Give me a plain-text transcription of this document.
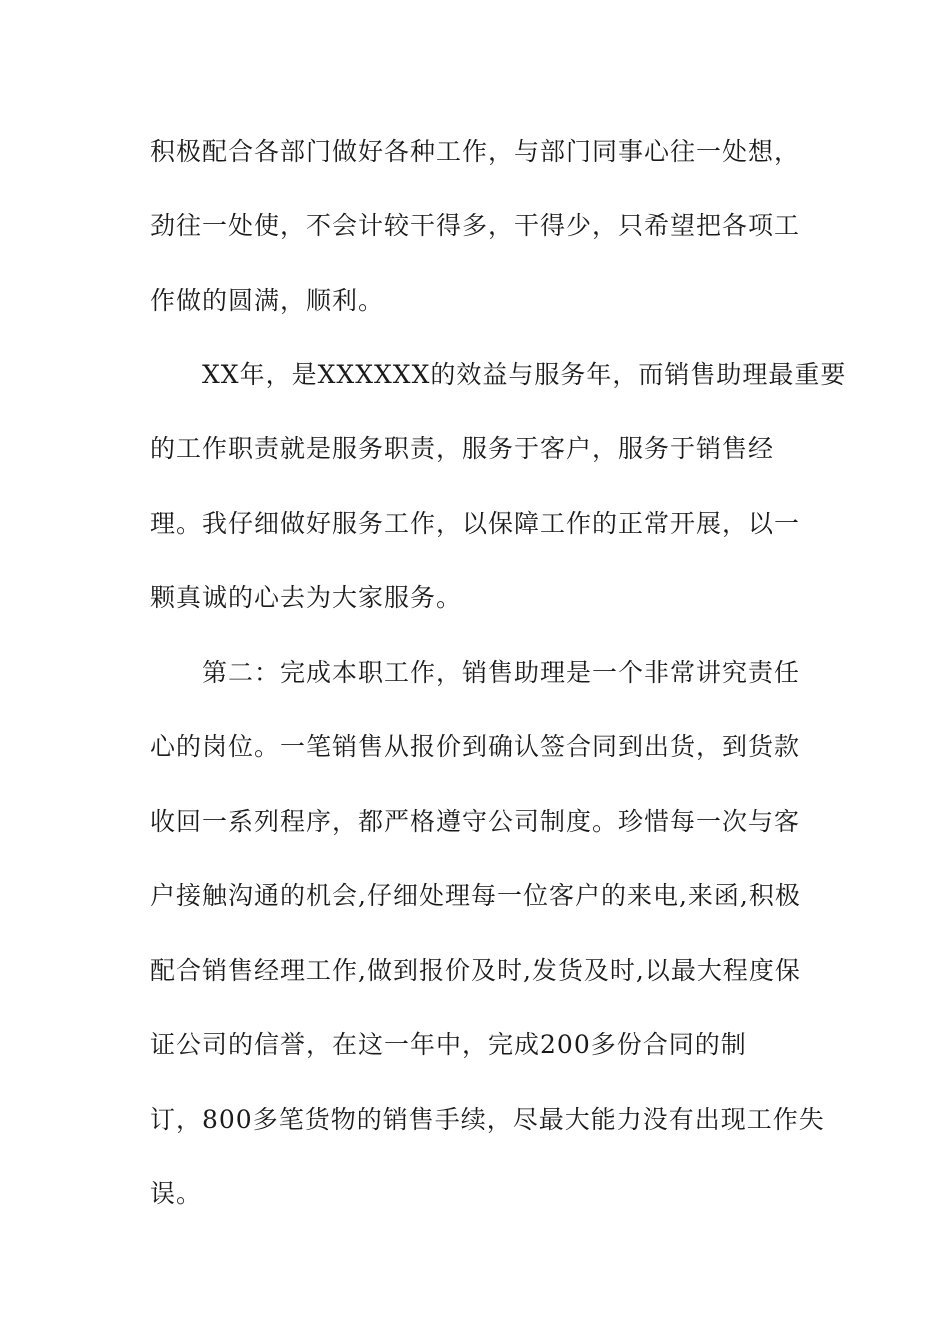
积极配合各部门做好各种工作，与部门同事心往一处想，
劲往一处使，不会计较干得多，干得少，只希望把各项工
作做的圆满，顺利。
XX年，是XXXXXX的效益与服务年，而销售助理最重要
的工作职责就是服务职责，服务于客户，服务于销售经
理。我仔细做好服务工作，以保障工作的正常开展，以一
颗真诚的心去为大家服务。
第二：完成本职工作，销售助理是一个非常讲究责任
心的岗位。一笔销售从报价到确认签合同到出货，到货款
收回一系列程序，都严格遵守公司制度。珍惜每一次与客
户接触沟通的机会,仔细处理每一位客户的来电,来函,积极
配合销售经理工作,做到报价及时,发货及时,以最大程度保
证公司的信誉，在这一年中，完成200多份合同的制
订，800多笔货物的销售手续，尽最大能力没有出现工作失
误。
